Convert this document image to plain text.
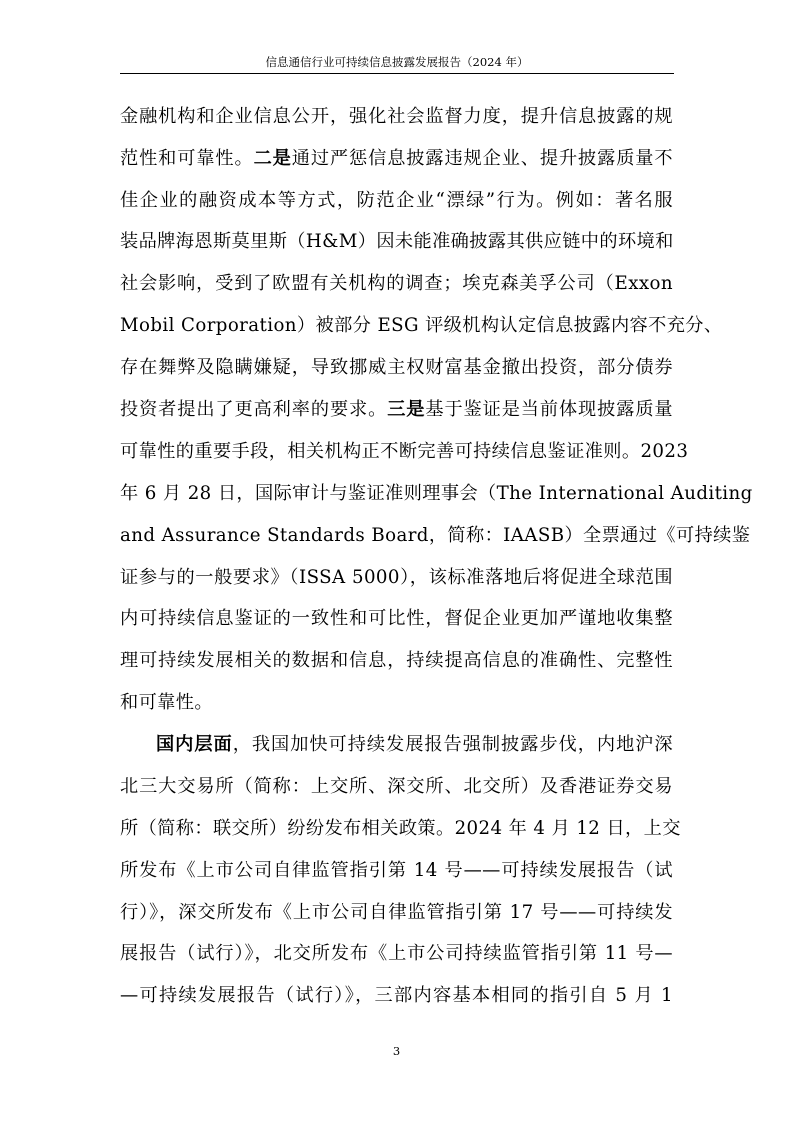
信息通信行业可持续信息披露发展报告（2024 年）
金融机构和企业信息公开，强化社会监督力度，提升信息披露的规
范性和可靠性。二是通过严惩信息披露违规企业、提升披露质量不
佳企业的融资成本等方式，防范企业“漂绿”行为。例如：著名服
装品牌海恩斯莫里斯（H&M）因未能准确披露其供应链中的环境和
社会影响，受到了欧盟有关机构的调查；埃克森美孚公司（Exxon
Mobil Corporation）被部分 ESG 评级机构认定信息披露内容不充分、
存在舞弊及隐瞒嫌疑，导致挪威主权财富基金撤出投资，部分债券
投资者提出了更高利率的要求。三是基于鉴证是当前体现披露质量
可靠性的重要手段，相关机构正不断完善可持续信息鉴证准则。2023
年 6 月 28 日，国际审计与鉴证准则理事会（The International Auditing
and Assurance Standards Board，简称：IAASB）全票通过《可持续鉴
证参与的一般要求》（ISSA 5000），该标准落地后将促进全球范围
内可持续信息鉴证的一致性和可比性，督促企业更加严谨地收集整
理可持续发展相关的数据和信息，持续提高信息的准确性、完整性
和可靠性。
国内层面，我国加快可持续发展报告强制披露步伐，内地沪深
北三大交易所（简称：上交所、深交所、北交所）及香港证券交易
所（简称：联交所）纷纷发布相关政策。2024 年 4 月 12 日，上交
所发布《上市公司自律监管指引第 14 号——可持续发展报告（试
行）》，深交所发布《上市公司自律监管指引第 17 号——可持续发
展报告（试行）》，北交所发布《上市公司持续监管指引第 11 号—
—可持续发展报告（试行）》，三部内容基本相同的指引自 5 月 1
3
